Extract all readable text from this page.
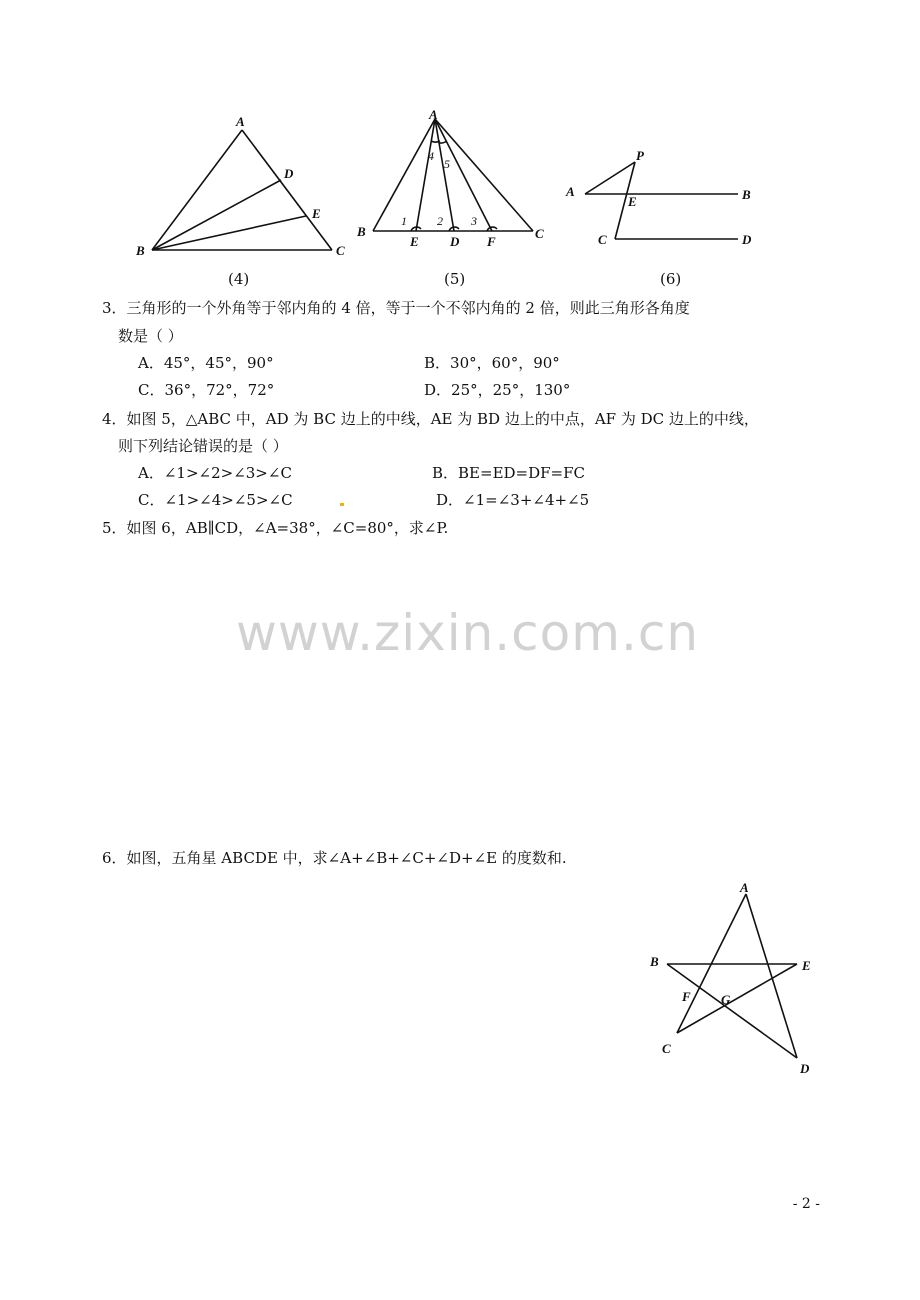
A
B	C
D
E
(4)
A
B	C
D
E	F
1	2 3
4
5
(5)
P
A	B
E
C	D
(6)
3．三角形的一个外角等于邻内角的 4 倍，等于一个不邻内角的 2 倍，则此三角形各角度
数是（ ）
A．45°，45°，90°	B．30°，60°，90°
C．36°，72°，72°	D．25°，25°，130°
4．如图 5，△ABC 中，AD 为 BC 边上的中线，AE 为 BD 边上的中点，AF 为 DC 边上的中线，
则下列结论错误的是（ ）
A．∠1>∠2>∠3>∠C	B．BE=ED=DF=FC
C．∠1>∠4>∠5>∠C	D．∠1=∠3+∠4+∠5
5．如图 6，AB∥CD，∠A=38°，∠C=80°，求∠P.
www.zixin.com.cn
6．如图，五角星 ABCDE 中，求∠A+∠B+∠C+∠D+∠E 的度数和.
A
B	E
F G
C
D
- 2 -
